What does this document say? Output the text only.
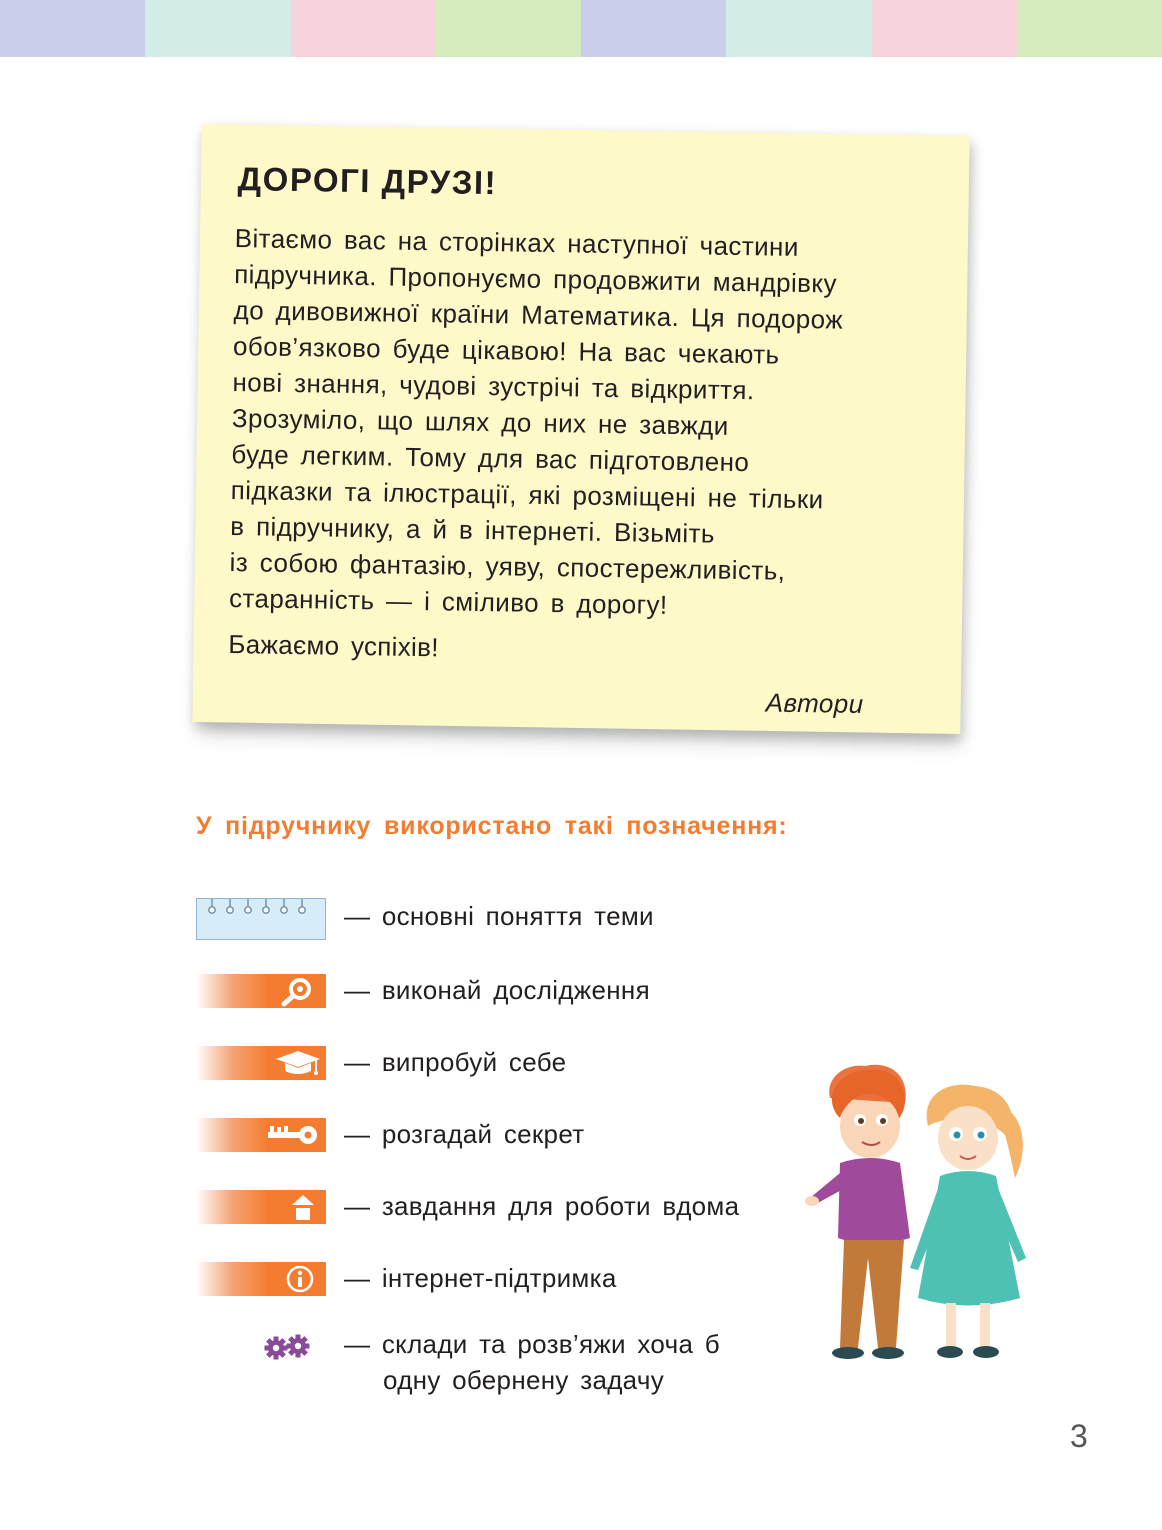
ДОРОГІ ДРУЗІ!
Вітаємо вас на сторінках наступної частини
підручника. Пропонуємо продовжити мандрівку
до дивовижної країни Математика. Ця подорож
обов’язково буде цікавою! На вас чекають
нові знання, чудові зустрічі та відкриття.
Зрозуміло, що шлях до них не завжди
буде легким. Тому для вас підготовлено
підказки та ілюстрації, які розміщені не тільки
в підручнику, а й в інтернеті. Візьміть
із собою фантазію, уяву, спостережливість,
старанність — і сміливо в дорогу!
Бажаємо успіхів!
Автори
У підручнику використано такі позначення:
— основні поняття теми
— виконай дослідження
— випробуй себе
— розгадай секрет
— завдання для роботи вдома
— інтернет-підтримка
— склади та розв’яжи хоча б
одну обернену задачу
3
